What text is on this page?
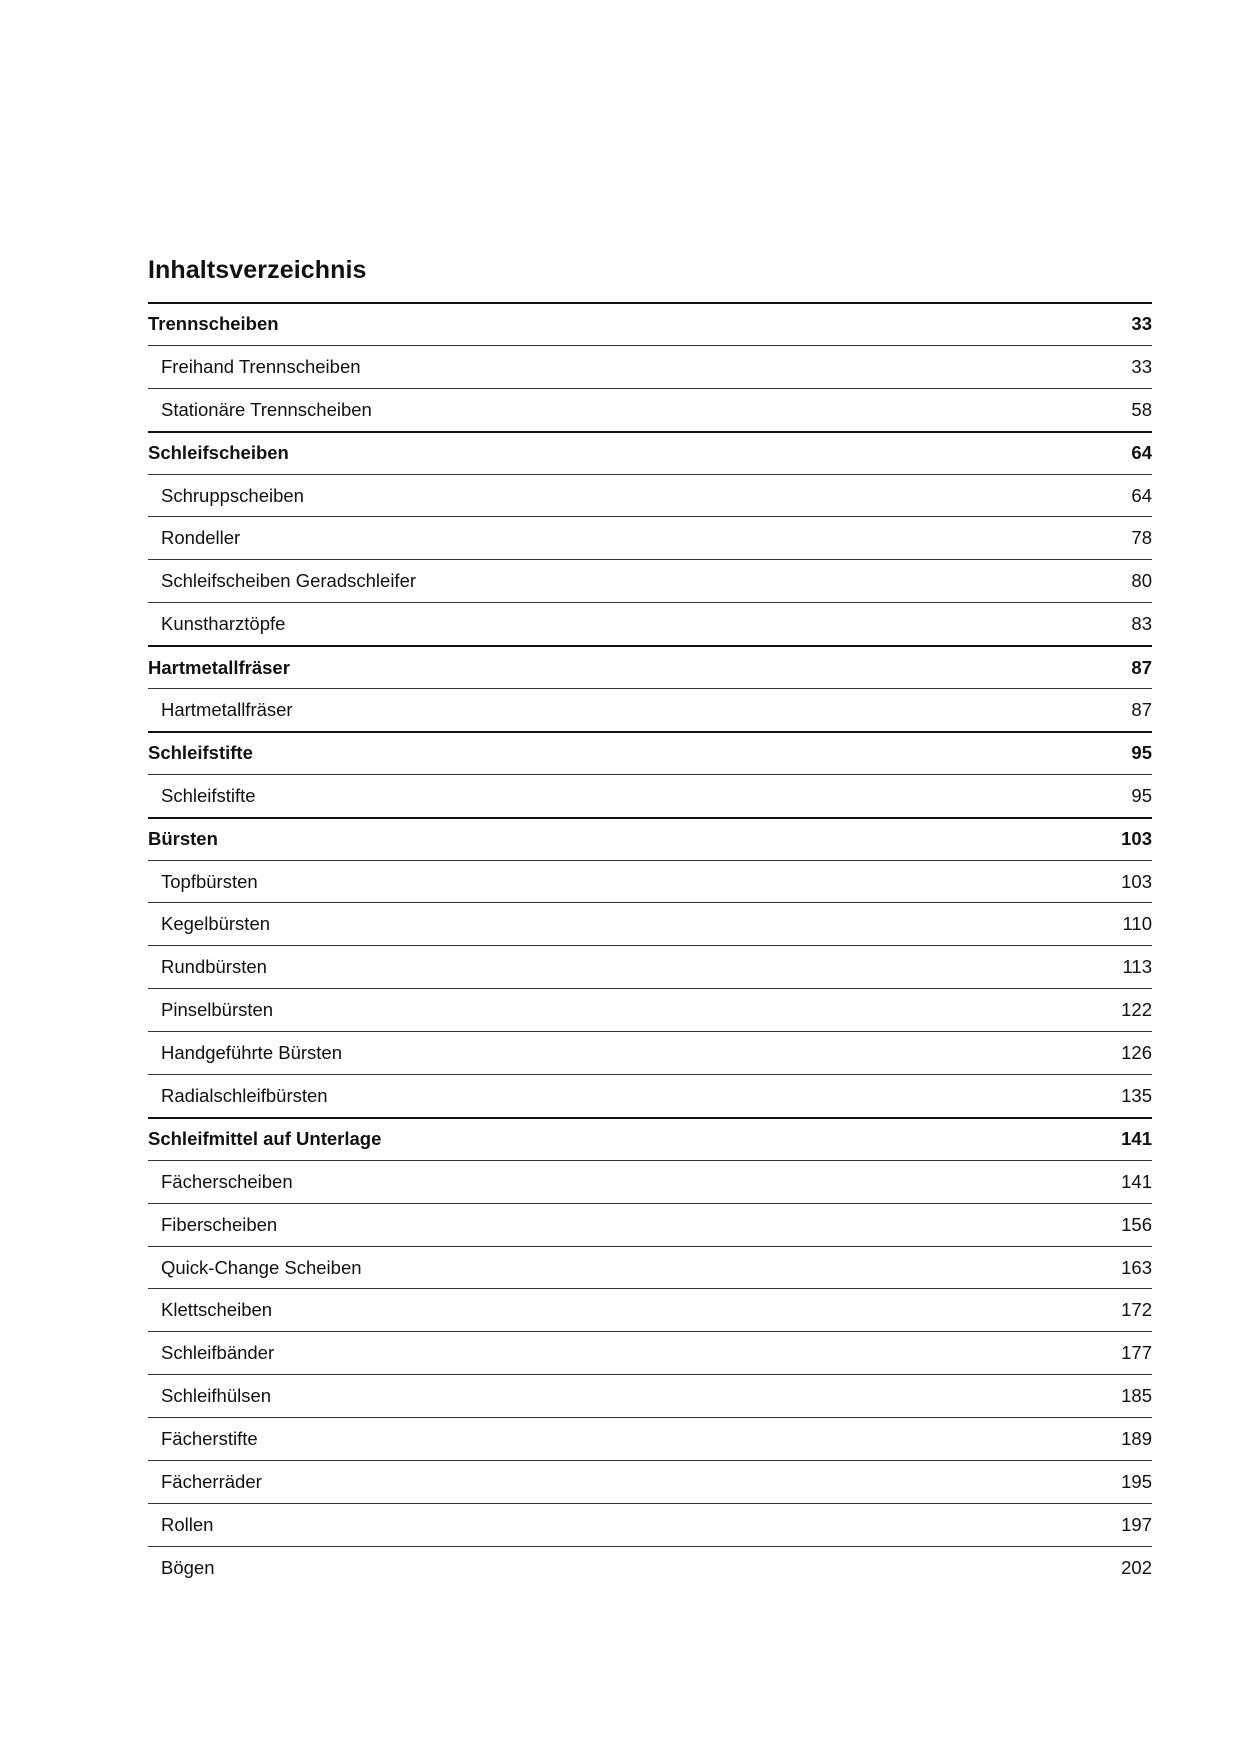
Inhaltsverzeichnis
Trennscheiben	33
Freihand Trennscheiben	33
Stationäre Trennscheiben	58
Schleifscheiben	64
Schruppscheiben	64
Rondeller	78
Schleifscheiben Geradschleifer	80
Kunstharztöpfe	83
Hartmetallfräser	87
Hartmetallfräser	87
Schleifstifte	95
Schleifstifte	95
Bürsten	103
Topfbürsten	103
Kegelbürsten	110
Rundbürsten	113
Pinselbürsten	122
Handgeführte Bürsten	126
Radialschleifbürsten	135
Schleifmittel auf Unterlage	141
Fächerscheiben	141
Fiberscheiben	156
Quick-Change Scheiben	163
Klettscheiben	172
Schleifbänder	177
Schleifhülsen	185
Fächerstifte	189
Fächerräder	195
Rollen	197
Bögen	202
